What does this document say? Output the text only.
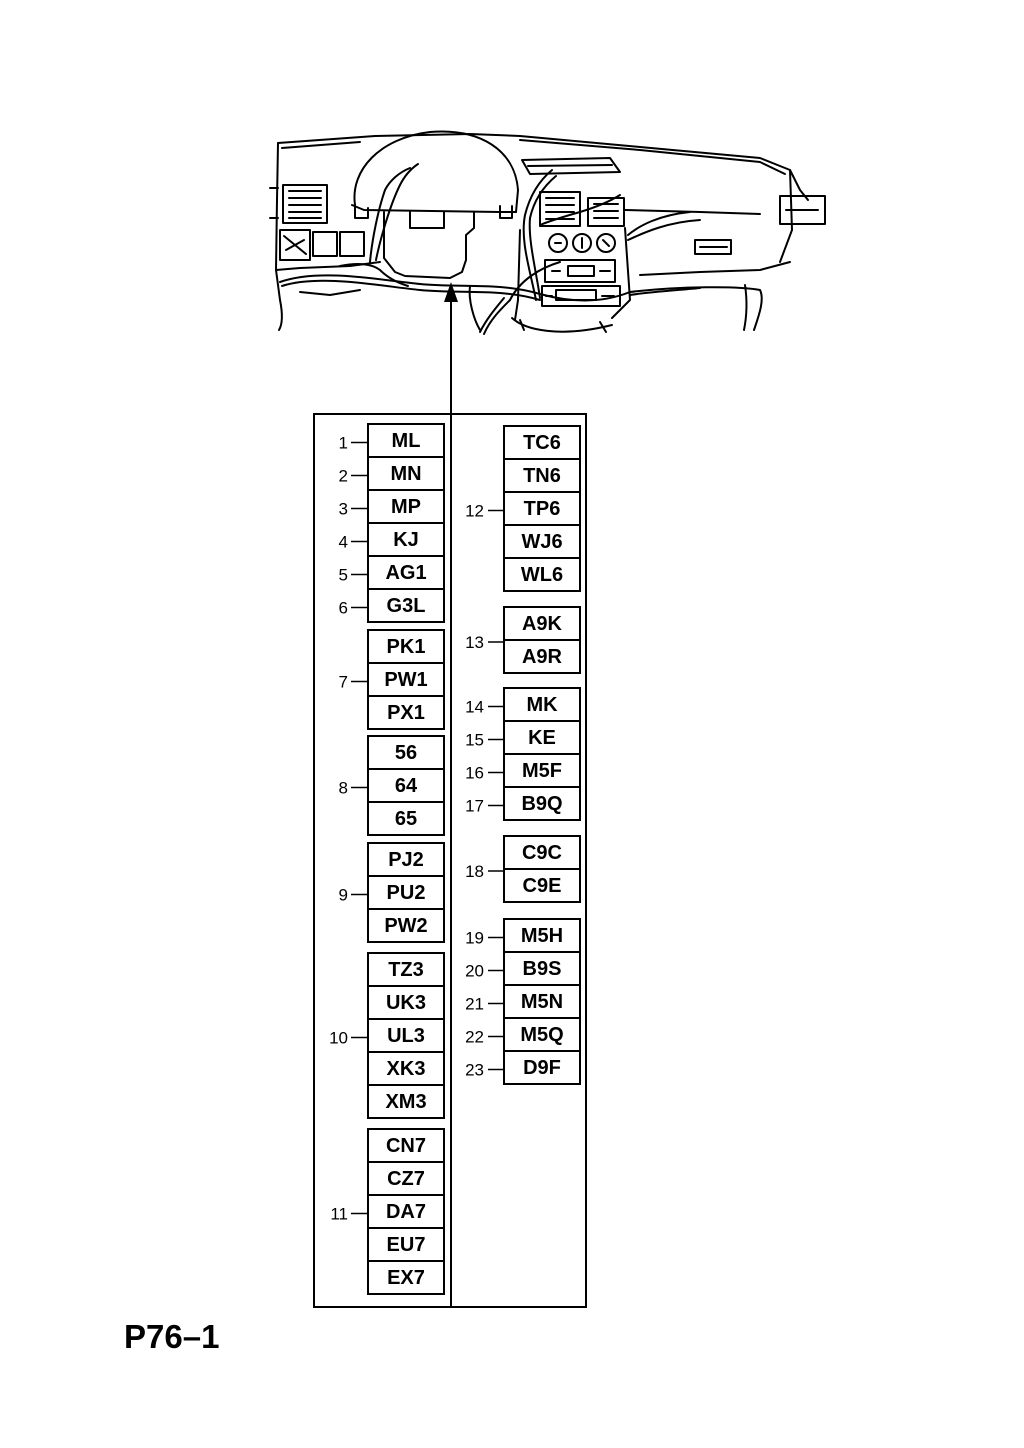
ML
1
MN
2
MP
3
KJ
4
AG1
5
G3L
6
PK1
PW1
PX1
7
56
64
65
8
PJ2
PU2
PW2
9
TZ3
UK3
UL3
XK3
XM3
10
CN7
CZ7
DA7
EU7
EX7
11
TC6
TN6
TP6
WJ6
WL6
12
A9K
A9R
13
MK
14
KE
15
M5F
16
B9Q
17
C9C
C9E
18
M5H
19
B9S
20
M5N
21
M5Q
22
D9F
23
P76–1
